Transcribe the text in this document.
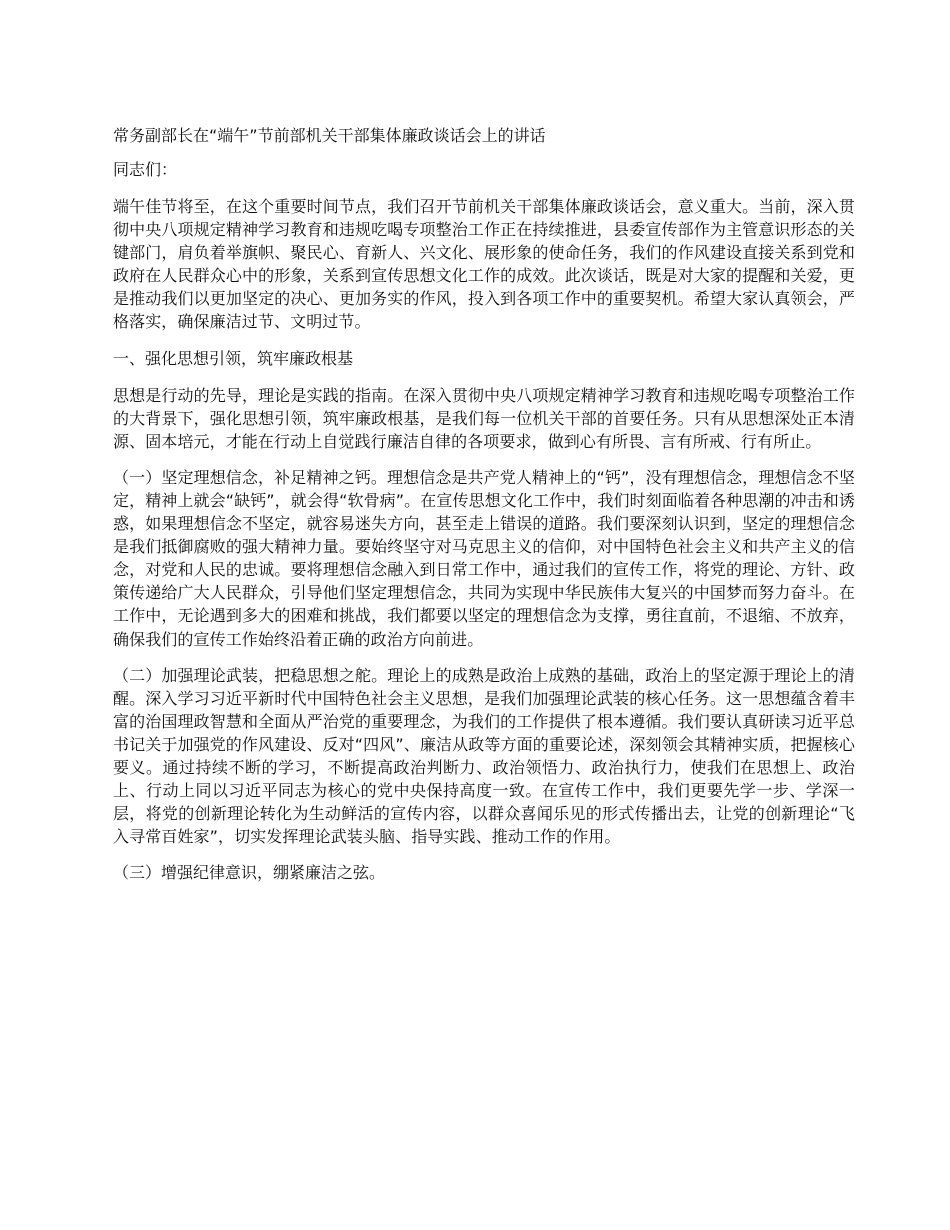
常务副部长在“端午”节前部机关干部集体廉政谈话会上的讲话
同志们：
端午佳节将至，在这个重要时间节点，我们召开节前机关干部集体廉政谈话会，意义重大。当前，深入贯彻中央八项规定精神学习教育和违规吃喝专项整治工作正在持续推进，县委宣传部作为主管意识形态的关键部门，肩负着举旗帜、聚民心、育新人、兴文化、展形象的使命任务，我们的作风建设直接关系到党和政府在人民群众心中的形象，关系到宣传思想文化工作的成效。此次谈话，既是对大家的提醒和关爱，更是推动我们以更加坚定的决心、更加务实的作风，投入到各项工作中的重要契机。希望大家认真领会，严格落实，确保廉洁过节、文明过节。
一、强化思想引领，筑牢廉政根基
思想是行动的先导，理论是实践的指南。在深入贯彻中央八项规定精神学习教育和违规吃喝专项整治工作的大背景下，强化思想引领，筑牢廉政根基，是我们每一位机关干部的首要任务。只有从思想深处正本清源、固本培元，才能在行动上自觉践行廉洁自律的各项要求，做到心有所畏、言有所戒、行有所止。
（一）坚定理想信念，补足精神之钙。理想信念是共产党人精神上的“钙”，没有理想信念，理想信念不坚定，精神上就会“缺钙”，就会得“软骨病”。在宣传思想文化工作中，我们时刻面临着各种思潮的冲击和诱惑，如果理想信念不坚定，就容易迷失方向，甚至走上错误的道路。我们要深刻认识到，坚定的理想信念是我们抵御腐败的强大精神力量。要始终坚守对马克思主义的信仰，对中国特色社会主义和共产主义的信念，对党和人民的忠诚。要将理想信念融入到日常工作中，通过我们的宣传工作，将党的理论、方针、政策传递给广大人民群众，引导他们坚定理想信念，共同为实现中华民族伟大复兴的中国梦而努力奋斗。在工作中，无论遇到多大的困难和挑战，我们都要以坚定的理想信念为支撑，勇往直前，不退缩、不放弃，确保我们的宣传工作始终沿着正确的政治方向前进。
（二）加强理论武装，把稳思想之舵。理论上的成熟是政治上成熟的基础，政治上的坚定源于理论上的清醒。深入学习习近平新时代中国特色社会主义思想，是我们加强理论武装的核心任务。这一思想蕴含着丰富的治国理政智慧和全面从严治党的重要理念，为我们的工作提供了根本遵循。我们要认真研读习近平总书记关于加强党的作风建设、反对“四风”、廉洁从政等方面的重要论述，深刻领会其精神实质，把握核心要义。通过持续不断的学习，不断提高政治判断力、政治领悟力、政治执行力，使我们在思想上、政治上、行动上同以习近平同志为核心的党中央保持高度一致。在宣传工作中，我们更要先学一步、学深一层，将党的创新理论转化为生动鲜活的宣传内容，以群众喜闻乐见的形式传播出去，让党的创新理论“飞入寻常百姓家”，切实发挥理论武装头脑、指导实践、推动工作的作用。
（三）增强纪律意识，绷紧廉洁之弦。
